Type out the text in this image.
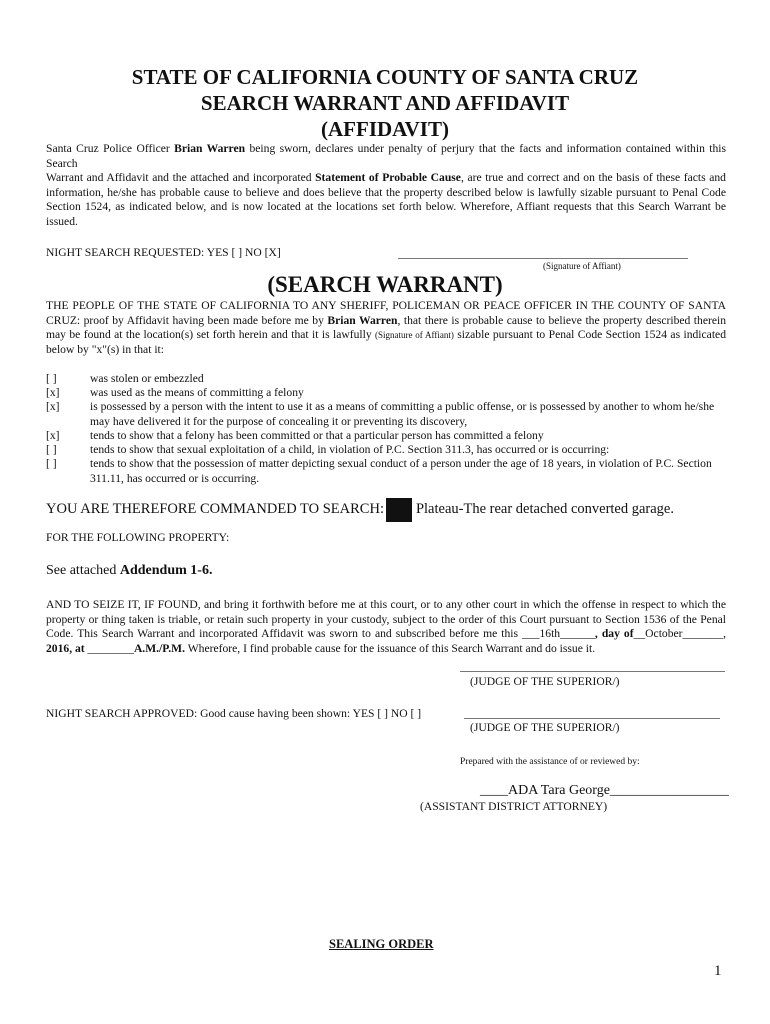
STATE OF CALIFORNIA COUNTY OF SANTA CRUZ
SEARCH WARRANT AND AFFIDAVIT
(AFFIDAVIT)
Santa Cruz Police Officer Brian Warren being sworn, declares under penalty of perjury that the facts and information contained within this Search
Warrant and Affidavit and the attached and incorporated Statement of Probable Cause, are true and correct and on the basis of these facts and information, he/she has probable cause to believe and does believe that the property described below is lawfully sizable pursuant to Penal Code Section 1524, as indicated below, and is now located at the locations set forth below. Wherefore, Affiant requests that this Search Warrant be issued.
NIGHT SEARCH REQUESTED: YES [ ] NO [X]
(Signature of Affiant)
(SEARCH WARRANT)
THE PEOPLE OF THE STATE OF CALIFORNIA TO ANY SHERIFF, POLICEMAN OR PEACE OFFICER IN THE COUNTY OF SANTA CRUZ: proof by Affidavit having been made before me by Brian Warren, that there is probable cause to believe the property described therein may be found at the location(s) set forth herein and that it is lawfully (Signature of Affiant) sizable pursuant to Penal Code Section 1524 as indicated below by "x"(s) in that it:
[ ]	was stolen or embezzled
[x]	was used as the means of committing a felony
[x]	is possessed by a person with the intent to use it as a means of committing a public offense, or is possessed by another to whom he/she may have delivered it for the purpose of concealing it or preventing its discovery,
[x]	tends to show that a felony has been committed or that a particular person has committed a felony
[ ]	tends to show that sexual exploitation of a child, in violation of P.C. Section 311.3, has occurred or is occurring:
[ ]	tends to show that the possession of matter depicting sexual conduct of a person under the age of 18 years, in violation of P.C. Section 311.11, has occurred or is occurring.
YOU ARE THEREFORE COMMANDED TO SEARCH: Plateau-The rear detached converted garage.
FOR THE FOLLOWING PROPERTY:
See attached Addendum 1-6.
AND TO SEIZE IT, IF FOUND, and bring it forthwith before me at this court, or to any other court in which the offense in respect to which the property or thing taken is triable, or retain such property in your custody, subject to the order of this Court pursuant to Section 1536 of the Penal Code. This Search Warrant and incorporated Affidavit was sworn to and subscribed before me this ___16th______, day of__October_______, 2016, at ________A.M./P.M. Wherefore, I find probable cause for the issuance of this Search Warrant and do issue it.
(JUDGE OF THE SUPERIOR/)
NIGHT SEARCH APPROVED: Good cause having been shown: YES [ ] NO [ ]
(JUDGE OF THE SUPERIOR/)
Prepared with the assistance of or reviewed by:
____ADA Tara George_________________
(ASSISTANT DISTRICT ATTORNEY)
SEALING ORDER
1
